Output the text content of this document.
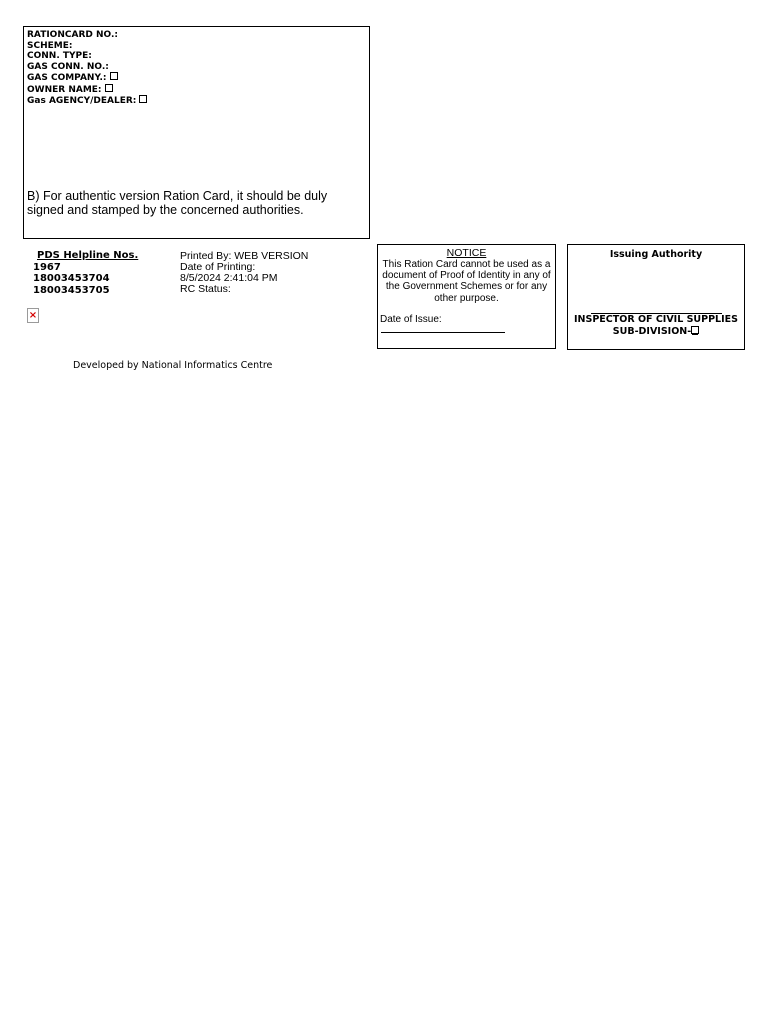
RATIONCARD NO.:
SCHEME:
CONN. TYPE:
GAS CONN. NO.:
GAS COMPANY.:
OWNER NAME:
Gas AGENCY/DEALER:
B) For authentic version Ration Card, it should be duly signed and stamped by the concerned authorities.
PDS Helpline Nos.
1967
18003453704
18003453705
Printed By: WEB VERSION
Date of Printing:
8/5/2024 2:41:04 PM
RC Status:
×
Developed by National Informatics Centre
NOTICE
This Ration Card cannot be used as a document of Proof of Identity in any of the Government Schemes or for any other purpose.
Date of Issue:
Issuing Authority
INSPECTOR OF CIVIL SUPPLIES
SUB-DIVISION-
